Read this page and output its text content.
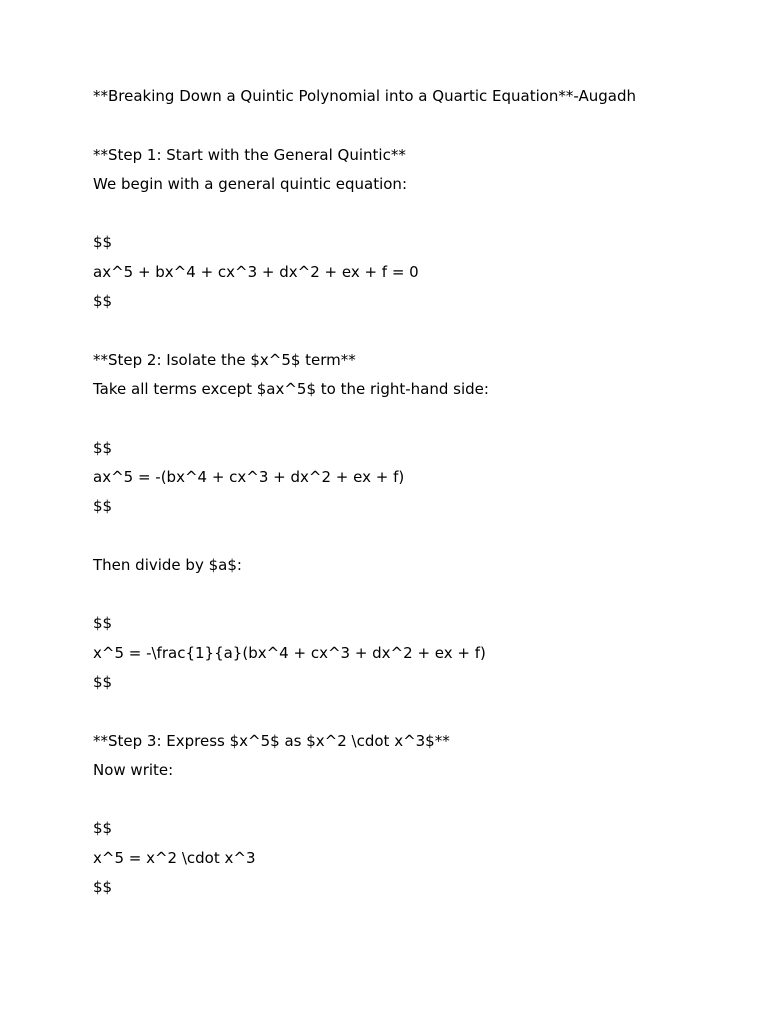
**Breaking Down a Quintic Polynomial into a Quartic Equation**-Augadh
**Step 1: Start with the General Quintic**
We begin with a general quintic equation:
$$
ax^5 + bx^4 + cx^3 + dx^2 + ex + f = 0
$$
**Step 2: Isolate the $x^5$ term**
Take all terms except $ax^5$ to the right-hand side:
$$
ax^5 = -(bx^4 + cx^3 + dx^2 + ex + f)
$$
Then divide by $a$:
$$
x^5 = -\frac{1}{a}(bx^4 + cx^3 + dx^2 + ex + f)
$$
**Step 3: Express $x^5$ as $x^2 \cdot x^3$**
Now write:
$$
x^5 = x^2 \cdot x^3
$$
